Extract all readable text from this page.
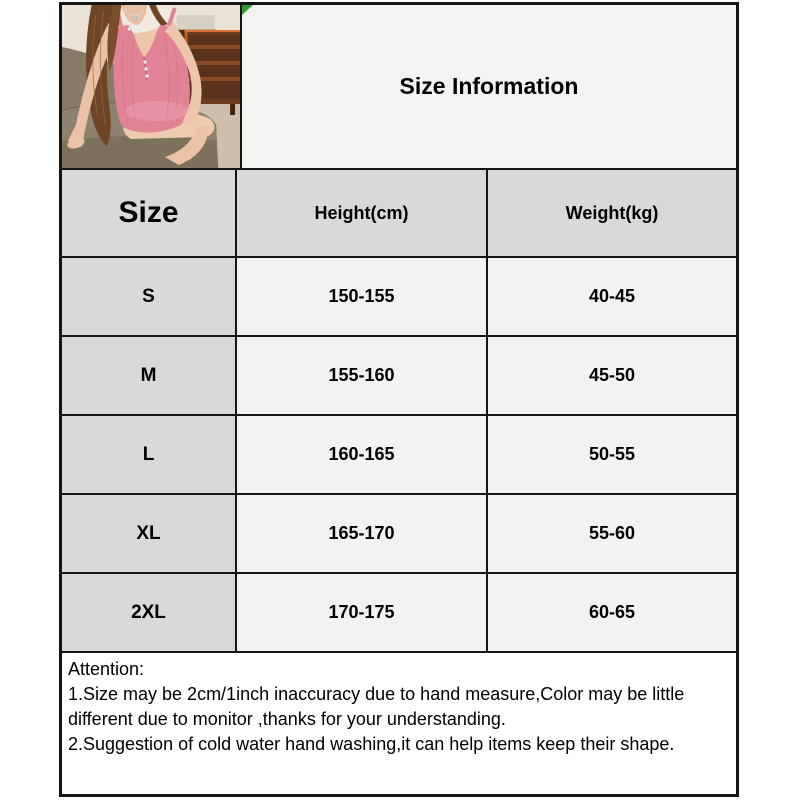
Size Information
Size	Height(cm)	Weight(kg)
S	150-155	40-45
M	155-160	45-50
L	160-165	50-55
XL	165-170	55-60
2XL	170-175	60-65

Attention:

1.Size may be 2cm/1inch inaccuracy due to hand measure,Color may be little different due to monitor ,thanks for your understanding.

2.Suggestion of cold water hand washing,it can help items keep their shape.
